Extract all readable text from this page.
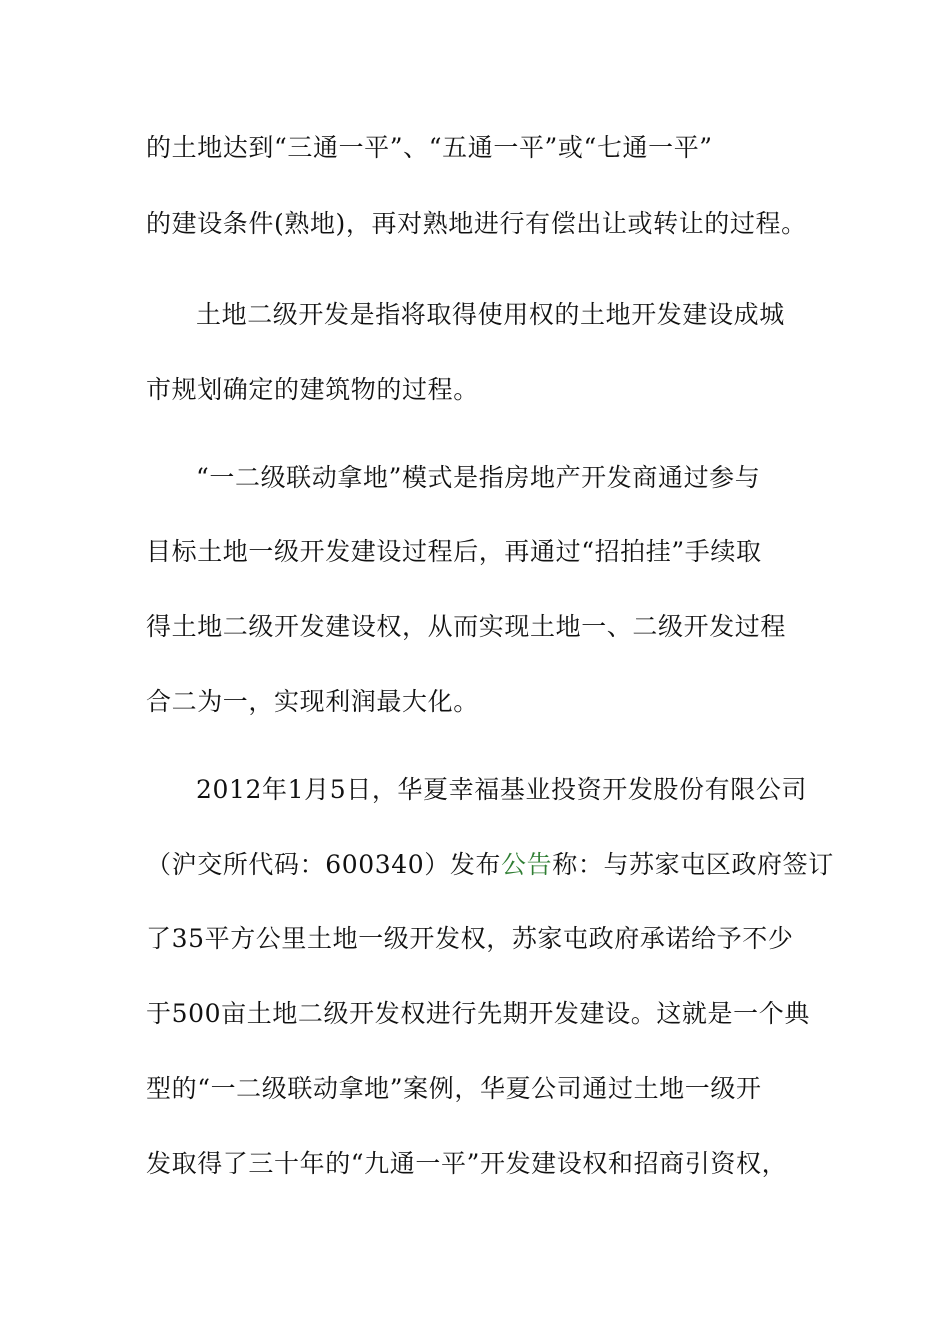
的土地达到“三通一平”、“五通一平”或“七通一平”
的建设条件(熟地)，再对熟地进行有偿出让或转让的过程。
土地二级开发是指将取得使用权的土地开发建设成城
市规划确定的建筑物的过程。
“一二级联动拿地”模式是指房地产开发商通过参与
目标土地一级开发建设过程后，再通过“招拍挂”手续取
得土地二级开发建设权，从而实现土地一、二级开发过程
合二为一，实现利润最大化。
2012年1月5日，华夏幸福基业投资开发股份有限公司
（沪交所代码：600340）发布公告称：与苏家屯区政府签订
了35平方公里土地一级开发权，苏家屯政府承诺给予不少
于500亩土地二级开发权进行先期开发建设。这就是一个典
型的“一二级联动拿地”案例，华夏公司通过土地一级开
发取得了三十年的“九通一平”开发建设权和招商引资权，
